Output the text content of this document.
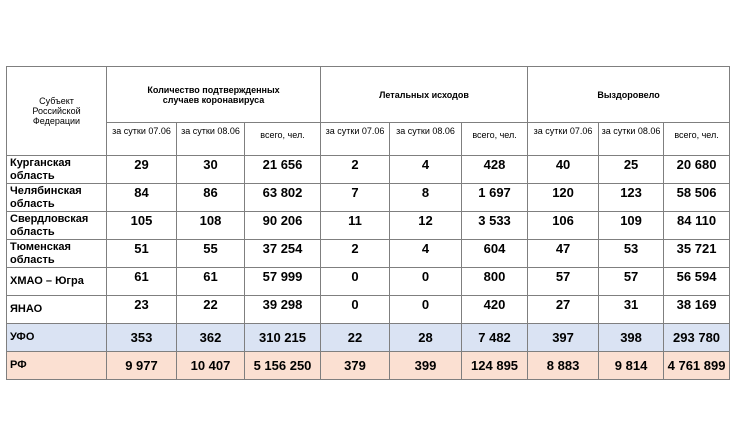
Субъект Российской Федерации	Количество подтвержденных случаев коронавируса			Летальных исходов			Выздоровело		
	за сутки 07.06	за сутки 08.06	всего, чел.	за сутки 07.06	за сутки 08.06	всего, чел.	за сутки 07.06	за сутки 08.06	всего, чел.
Курганская область	29	30	21 656	2	4	428	40	25	20 680
Челябинская область	84	86	63 802	7	8	1 697	120	123	58 506
Свердловская область	105	108	90 206	11	12	3 533	106	109	84 110
Тюменская область	51	55	37 254	2	4	604	47	53	35 721
ХМАО – Югра	61	61	57 999	0	0	800	57	57	56 594
ЯНАО	23	22	39 298	0	0	420	27	31	38 169
УФО	353	362	310 215	22	28	7 482	397	398	293 780
РФ	9 977	10 407	5 156 250	379	399	124 895	8 883	9 814	4 761 899
